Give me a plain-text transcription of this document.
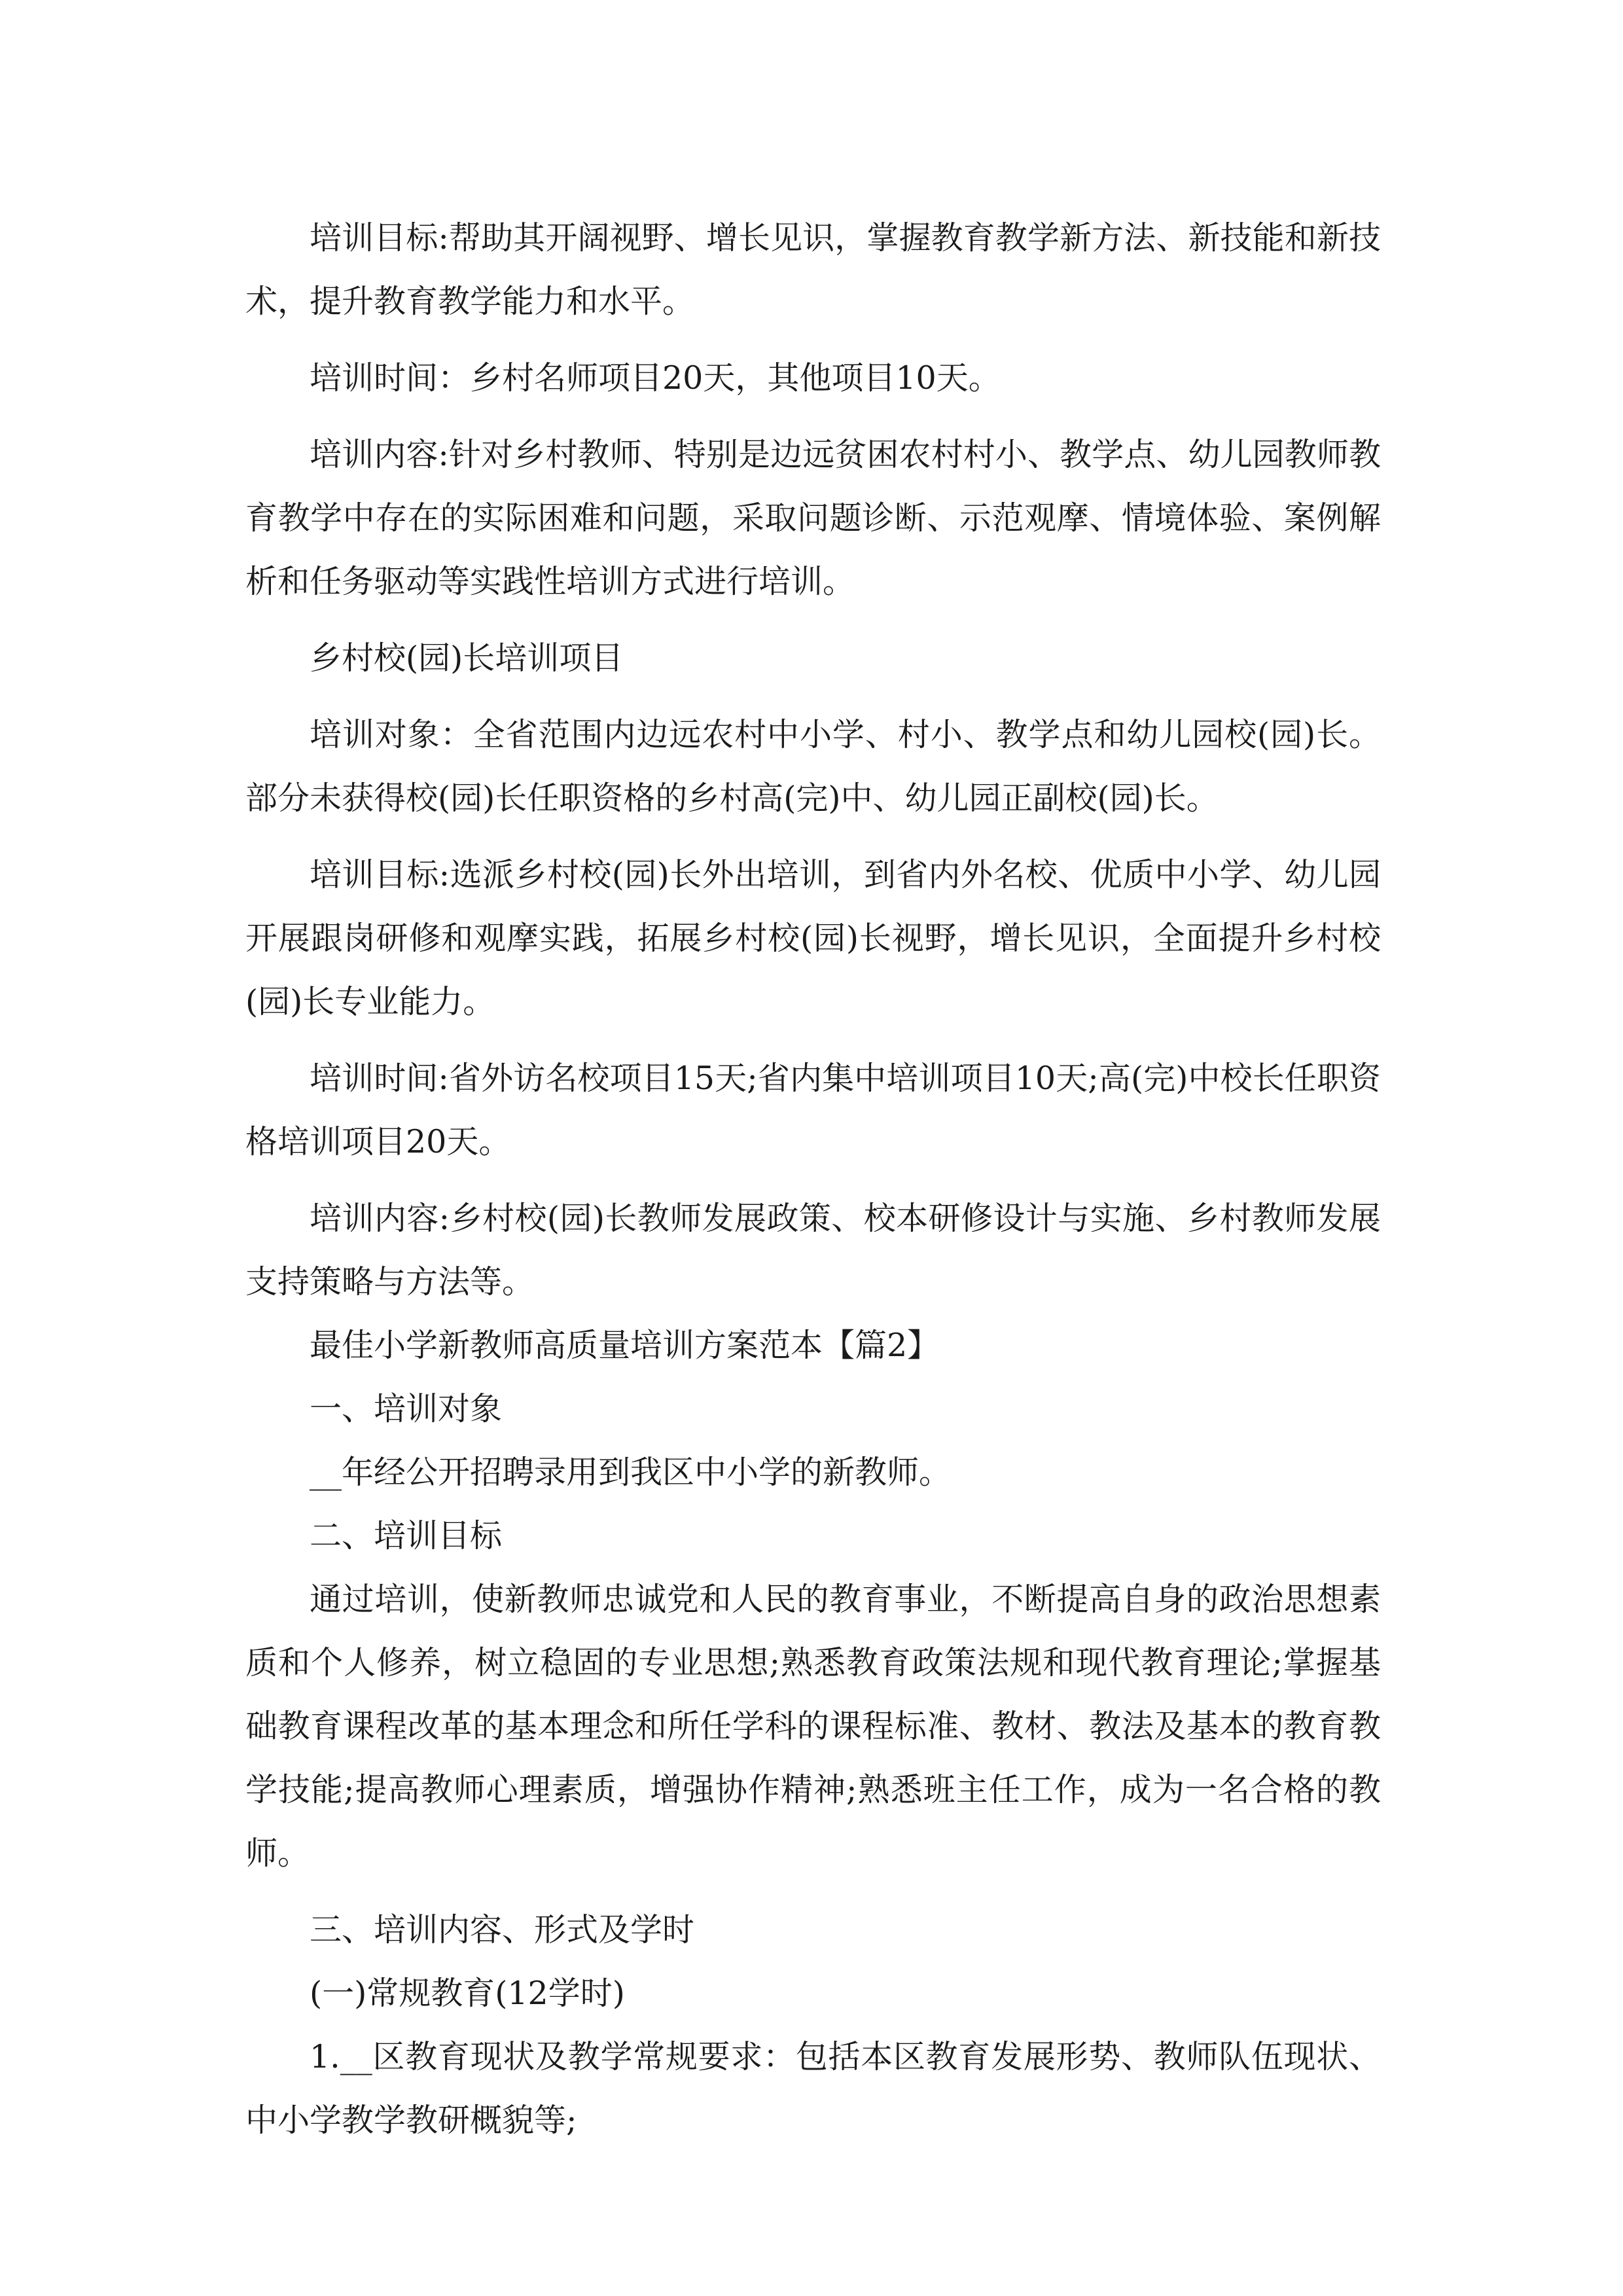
培训目标:帮助其开阔视野、增长见识，掌握教育教学新方法、新技能和新技术，提升教育教学能力和水平。

培训时间：乡村名师项目20天，其他项目10天。

培训内容:针对乡村教师、特别是边远贫困农村村小、教学点、幼儿园教师教育教学中存在的实际困难和问题，采取问题诊断、示范观摩、情境体验、案例解析和任务驱动等实践性培训方式进行培训。

乡村校(园)长培训项目

培训对象：全省范围内边远农村中小学、村小、教学点和幼儿园校(园)长。部分未获得校(园)长任职资格的乡村高(完)中、幼儿园正副校(园)长。

培训目标:选派乡村校(园)长外出培训，到省内外名校、优质中小学、幼儿园开展跟岗研修和观摩实践，拓展乡村校(园)长视野，增长见识，全面提升乡村校(园)长专业能力。

培训时间:省外访名校项目15天;省内集中培训项目10天;高(完)中校长任职资格培训项目20天。

培训内容:乡村校(园)长教师发展政策、校本研修设计与实施、乡村教师发展支持策略与方法等。

最佳小学新教师高质量培训方案范本【篇2】

一、培训对象

__年经公开招聘录用到我区中小学的新教师。

二、培训目标

通过培训，使新教师忠诚党和人民的教育事业，不断提高自身的政治思想素质和个人修养，树立稳固的专业思想;熟悉教育政策法规和现代教育理论;掌握基础教育课程改革的基本理念和所任学科的课程标准、教材、教法及基本的教育教学技能;提高教师心理素质，增强协作精神;熟悉班主任工作，成为一名合格的教师。

三、培训内容、形式及学时

(一)常规教育(12学时)

1.__区教育现状及教学常规要求：包括本区教育发展形势、教师队伍现状、中小学教学教研概貌等;
